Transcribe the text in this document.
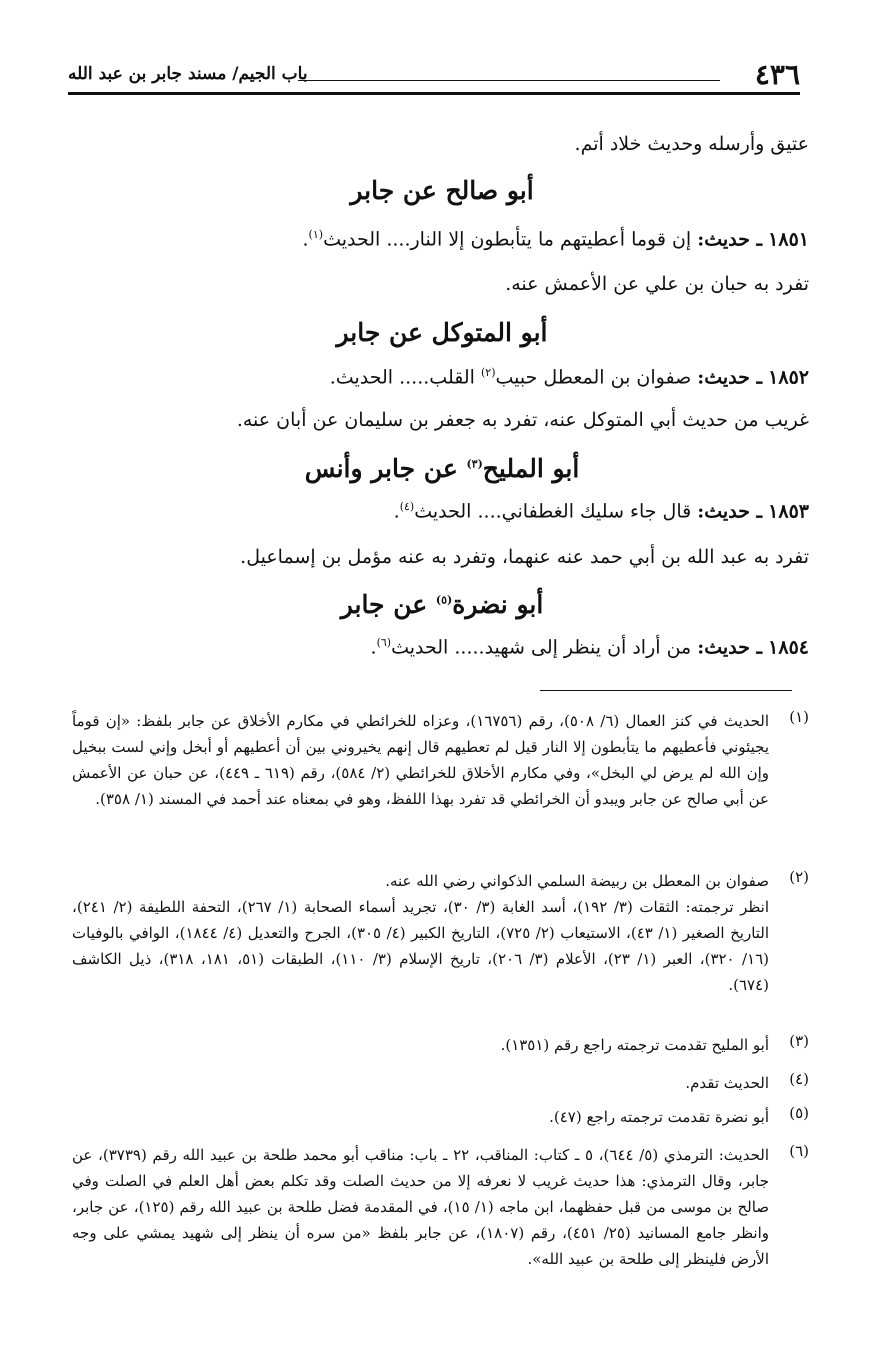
٤٣٦
باب الجيم/ مسند جابر بن عبد الله
عتيق وأرسله وحديث خلاد أتم.
أبو صالح عن جابر
١٨٥١ ـ حديث: إن قوما أعطيتهم ما يتأبطون إلا النار.... الحديث$^{(١)}$.
تفرد به حبان بن علي عن الأعمش عنه.
أبو المتوكل عن جابر
١٨٥٢ ـ حديث: صفوان بن المعطل حبيب$^{(٢)}$ القلب..... الحديث.
غريب من حديث أبي المتوكل عنه، تفرد به جعفر بن سليمان عن أبان عنه.
أبو المليح$^{(٣)}$ عن جابر وأنس
١٨٥٣ ـ حديث: قال جاء سليك الغطفاني.... الحديث$^{(٤)}$.
تفرد به عبد الله بن أبي حمد عنه عنهما، وتفرد به عنه مؤمل بن إسماعيل.
أبو نضرة$^{(٥)}$ عن جابر
١٨٥٤ ـ حديث: من أراد أن ينظر إلى شهيد..... الحديث$^{(٦)}$.
(١)
الحديث في كنز العمال (٦/ ٥٠٨)، رقم (١٦٧٥٦)، وعزاه للخرائطي في مكارم الأخلاق عن جابر بلفظ: «إن قوماً يجيئوني فأعطيهم ما يتأبطون إلا النار قيل لم تعطيهم قال إنهم يخيروني بين أن أعطيهم أو أبخل وإني لست ببخيل وإن الله لم يرض لي البخل»، وفي مكارم الأخلاق للخرائطي (٢/ ٥٨٤)، رقم (٦١٩ ـ ٤٤٩)، عن حبان عن الأعمش عن أبي صالح عن جابر ويبدو أن الخرائطي قد تفرد بهذا اللفظ، وهو في بمعناه عند أحمد في المسند (١/ ٣٥٨).
(٢)
صفوان بن المعطل بن ربيضة السلمي الذكواني رضي الله عنه.
انظر ترجمته: الثقات (٣/ ١٩٢)، أسد الغابة (٣/ ٣٠)، تجريد أسماء الصحابة (١/ ٢٦٧)، التحفة اللطيفة (٢/ ٢٤١)، التاريخ الصغير (١/ ٤٣)، الاستيعاب (٢/ ٧٢٥)، التاريخ الكبير (٤/ ٣٠٥)، الجرح والتعديل (٤/ ١٨٤٤)، الوافي بالوفيات (١٦/ ٣٢٠)، العبر (١/ ٢٣)، الأعلام (٣/ ٢٠٦)، تاريخ الإسلام (٣/ ١١٠)، الطبقات (٥١، ١٨١، ٣١٨)، ذيل الكاشف (٦٧٤).
(٣)
أبو المليح تقدمت ترجمته راجع رقم (١٣٥١).
(٤)
الحديث تقدم.
(٥)
أبو نضرة تقدمت ترجمته راجع (٤٧).
(٦)
الحديث: الترمذي (٥/ ٦٤٤)، ٥ ـ كتاب: المناقب، ٢٢ ـ باب: مناقب أبو محمد طلحة بن عبيد الله رقم (٣٧٣٩)، عن جابر، وقال الترمذي: هذا حديث غريب لا نعرفه إلا من حديث الصلت وقد تكلم بعض أهل العلم في الصلت وفي صالح بن موسى من قبل حفظهما، ابن ماجه (١/ ١٥)، في المقدمة فضل طلحة بن عبيد الله رقم (١٢٥)، عن جابر، وانظر جامع المسانيد (٢٥/ ٤٥١)، رقم (١٨٠٧)، عن جابر بلفظ «من سره أن ينظر إلى شهيد يمشي على وجه الأرض فلينظر إلى طلحة بن عبيد الله».
